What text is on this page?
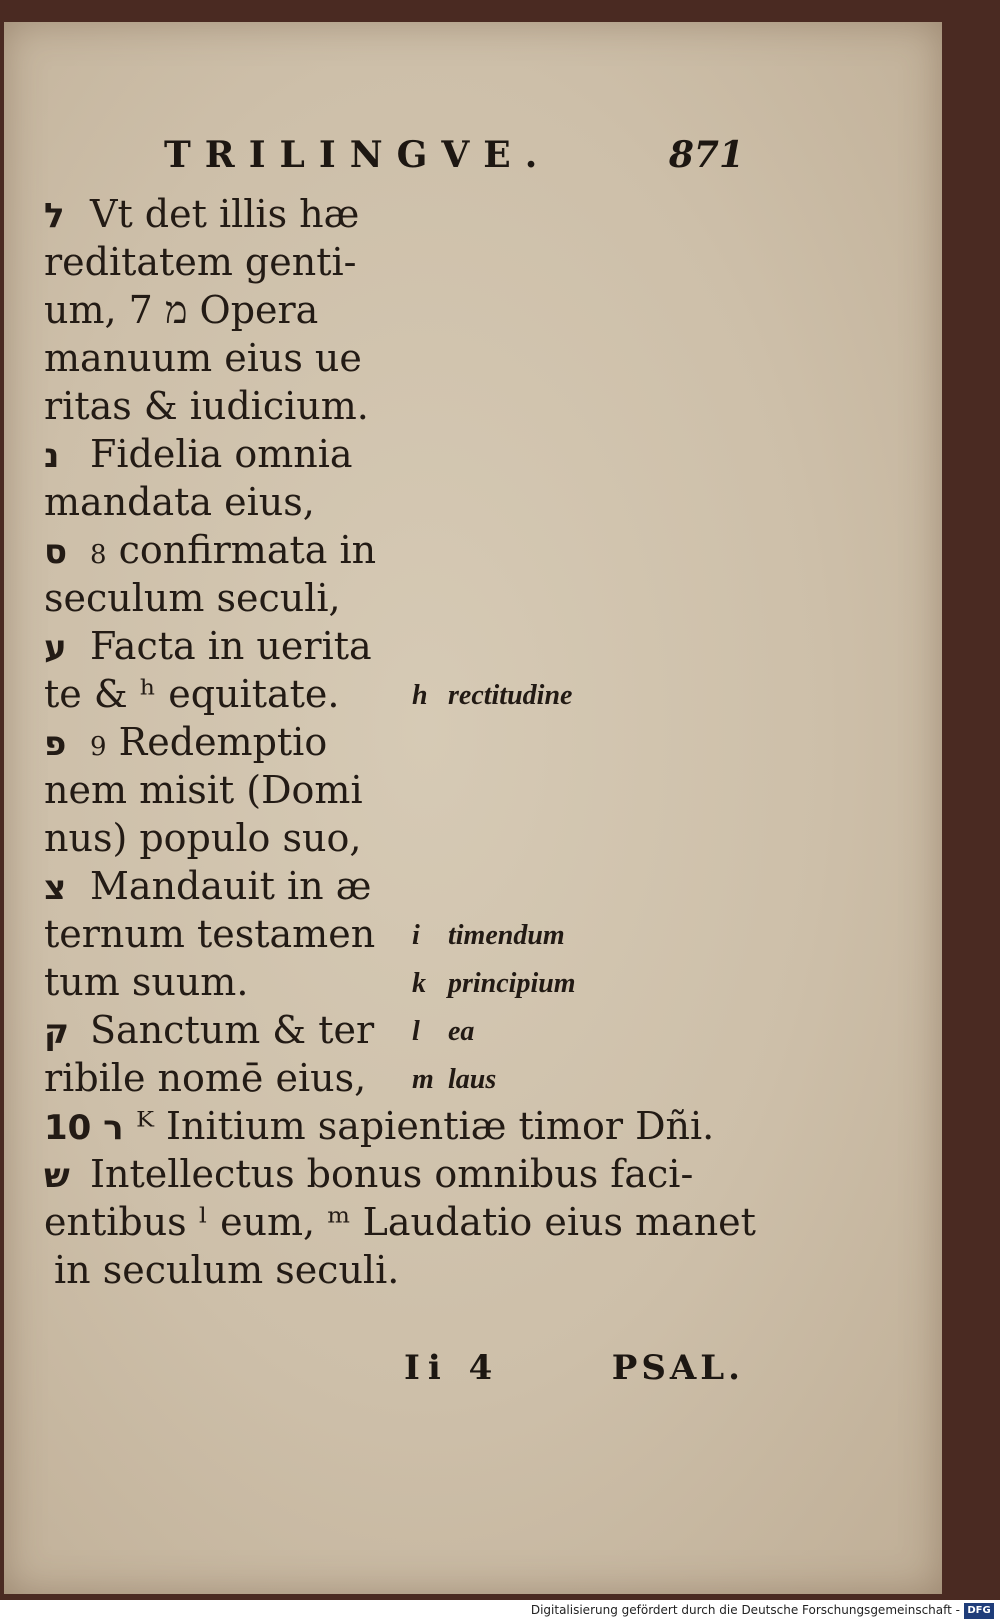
TRILINGVE.	871
ל Vt det illis hæ
reditatem genti-
um, מ 7 Opera
manuum eius ue
ritas & iudicium.
נ Fidelia omnia
mandata eius,
ס 8 confirmata in
seculum seculi,
ע Facta in uerita
te & ʰ equitate.
פ 9 Redemptio
nem misit (Domi
nus) populo suo,
צ Mandauit in æ
ternum testamen
tum suum.
ק Sanctum & ter
ribile nomē eius,
10 ר ᴷ Initium sapientiæ timor Dñi.
ש Intellectus bonus omnibus faci-
entibus ˡ eum, ᵐ Laudatio eius manet
in seculum seculi.
h rectitudine
i timendum
k principium
l ea
m laus
Ii 4	PSAL.
Digitalisierung gefördert durch die Deutsche Forschungsgemeinschaft - DFG
